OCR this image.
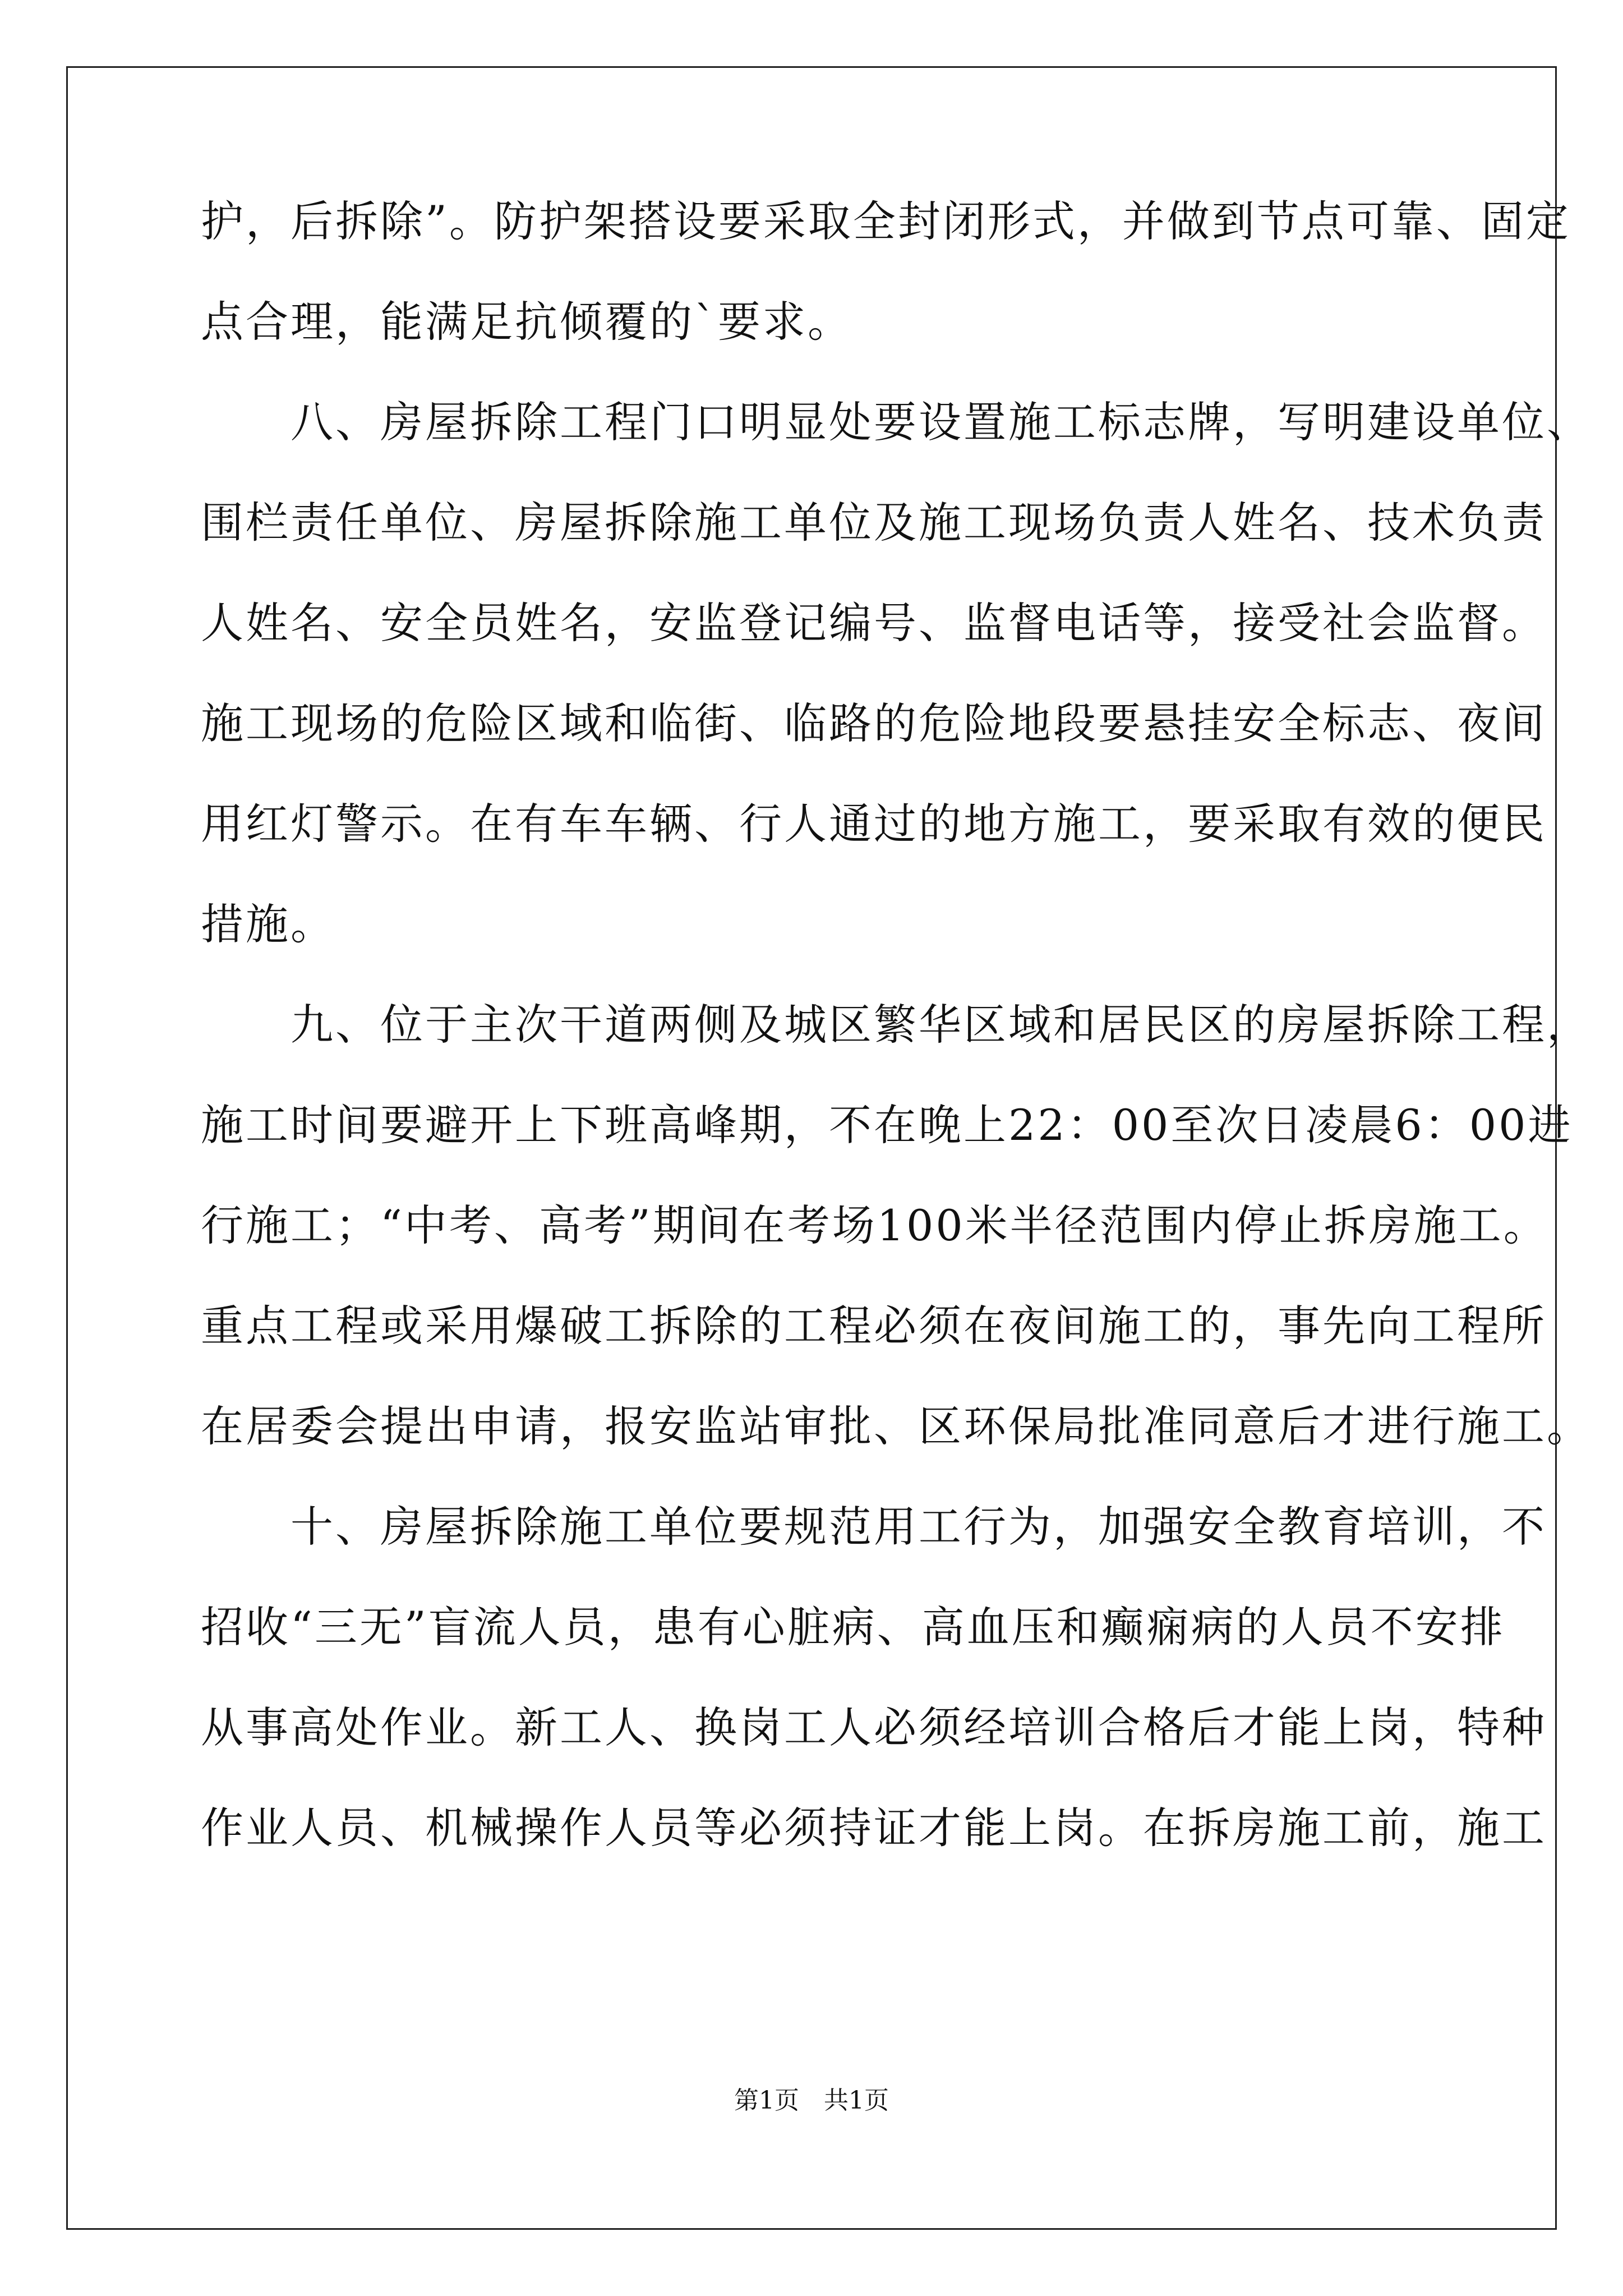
护，后拆除”。防护架搭设要采取全封闭形式，并做到节点可靠、固定
点合理，能满足抗倾覆的`要求。
　　八、房屋拆除工程门口明显处要设置施工标志牌，写明建设单位、
围栏责任单位、房屋拆除施工单位及施工现场负责人姓名、技术负责
人姓名、安全员姓名，安监登记编号、监督电话等，接受社会监督。
施工现场的危险区域和临街、临路的危险地段要悬挂安全标志、夜间
用红灯警示。在有车车辆、行人通过的地方施工，要采取有效的便民
措施。
　　九、位于主次干道两侧及城区繁华区域和居民区的房屋拆除工程，
施工时间要避开上下班高峰期，不在晚上22：00至次日凌晨6：00进
行施工；“中考、高考”期间在考场100米半径范围内停止拆房施工。
重点工程或采用爆破工拆除的工程必须在夜间施工的，事先向工程所
在居委会提出申请，报安监站审批、区环保局批准同意后才进行施工。
　　十、房屋拆除施工单位要规范用工行为，加强安全教育培训，不
招收“三无”盲流人员，患有心脏病、高血压和癫痫病的人员不安排
从事高处作业。新工人、换岗工人必须经培训合格后才能上岗，特种
作业人员、机械操作人员等必须持证才能上岗。在拆房施工前，施工
第1页　共1页
